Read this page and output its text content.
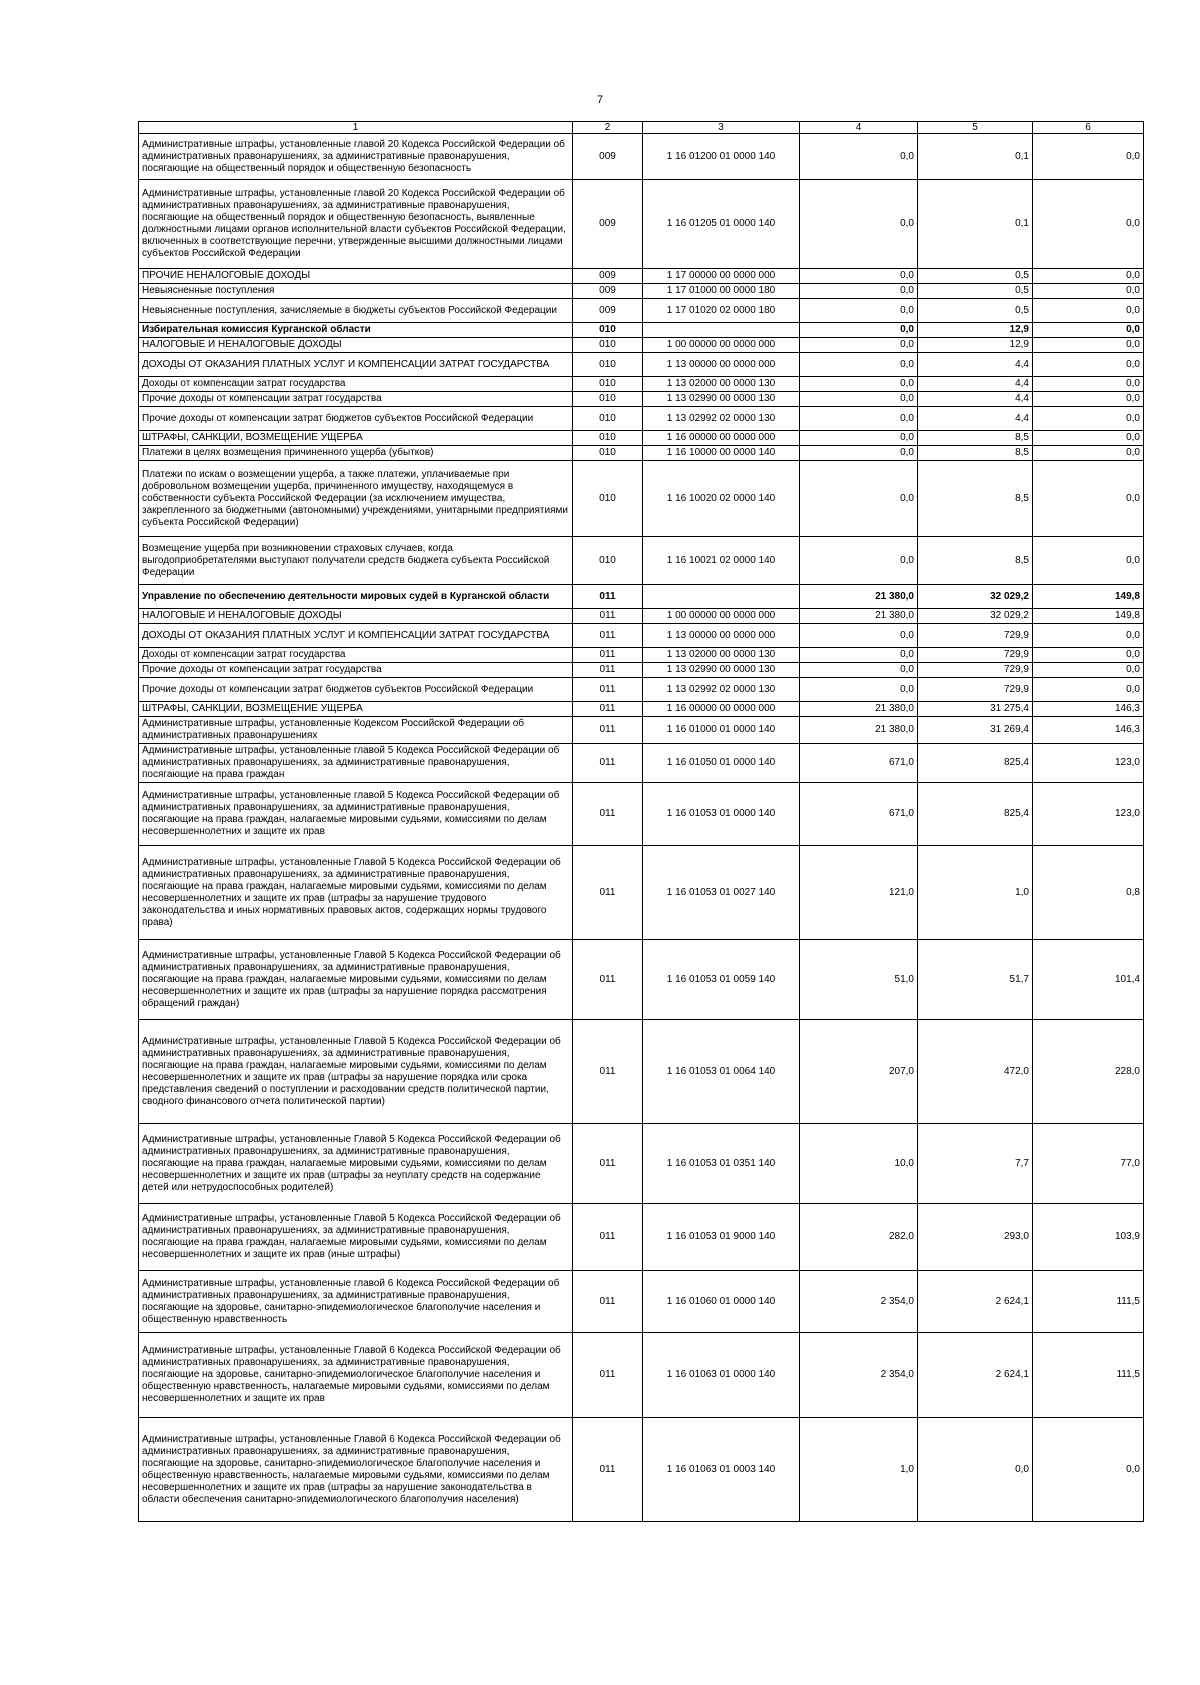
7
1	2	3	4	5	6
Административные штрафы, установленные главой 20 Кодекса Российской Федерации об административных правонарушениях, за административные правонарушения, посягающие на общественный порядок и общественную безопасность	009	1 16 01200 01 0000 140	0,0	0,1	0,0
Административные штрафы, установленные главой 20 Кодекса Российской Федерации об административных правонарушениях, за административные правонарушения, посягающие на общественный порядок и общественную безопасность, выявленные должностными лицами органов исполнительной власти субъектов Российской Федерации, включенных в соответствующие перечни, утвержденные высшими должностными лицами субъектов Российской Федерации	009	1 16 01205 01 0000 140	0,0	0,1	0,0
ПРОЧИЕ НЕНАЛОГОВЫЕ ДОХОДЫ	009	1 17 00000 00 0000 000	0,0	0,5	0,0
Невыясненные поступления	009	1 17 01000 00 0000 180	0,0	0,5	0,0
Невыясненные поступления, зачисляемые в бюджеты субъектов Российской Федерации	009	1 17 01020 02 0000 180	0,0	0,5	0,0
Избирательная комиссия Курганской области	010		0,0	12,9	0,0
НАЛОГОВЫЕ И НЕНАЛОГОВЫЕ ДОХОДЫ	010	1 00 00000 00 0000 000	0,0	12,9	0,0
ДОХОДЫ ОТ ОКАЗАНИЯ ПЛАТНЫХ УСЛУГ И КОМПЕНСАЦИИ ЗАТРАТ ГОСУДАРСТВА	010	1 13 00000 00 0000 000	0,0	4,4	0,0
Доходы от компенсации затрат государства	010	1 13 02000 00 0000 130	0,0	4,4	0,0
Прочие доходы от компенсации затрат государства	010	1 13 02990 00 0000 130	0,0	4,4	0,0
Прочие доходы от компенсации затрат бюджетов субъектов Российской Федерации	010	1 13 02992 02 0000 130	0,0	4,4	0,0
ШТРАФЫ, САНКЦИИ, ВОЗМЕЩЕНИЕ УЩЕРБА	010	1 16 00000 00 0000 000	0,0	8,5	0,0
Платежи в целях возмещения причиненного ущерба (убытков)	010	1 16 10000 00 0000 140	0,0	8,5	0,0
Платежи по искам о возмещении ущерба, а также платежи, уплачиваемые при добровольном возмещении ущерба, причиненного имуществу, находящемуся в собственности субъекта Российской Федерации (за исключением имущества, закрепленного за бюджетными (автономными) учреждениями, унитарными предприятиями субъекта Российской Федерации)	010	1 16 10020 02 0000 140	0,0	8,5	0,0
Возмещение ущерба при возникновении страховых случаев, когда выгодоприобретателями выступают получатели средств бюджета субъекта Российской Федерации	010	1 16 10021 02 0000 140	0,0	8,5	0,0
Управление по обеспечению деятельности мировых судей в Курганской области	011		21 380,0	32 029,2	149,8
НАЛОГОВЫЕ И НЕНАЛОГОВЫЕ ДОХОДЫ	011	1 00 00000 00 0000 000	21 380,0	32 029,2	149,8
ДОХОДЫ ОТ ОКАЗАНИЯ ПЛАТНЫХ УСЛУГ И КОМПЕНСАЦИИ ЗАТРАТ ГОСУДАРСТВА	011	1 13 00000 00 0000 000	0,0	729,9	0,0
Доходы от компенсации затрат государства	011	1 13 02000 00 0000 130	0,0	729,9	0,0
Прочие доходы от компенсации затрат государства	011	1 13 02990 00 0000 130	0,0	729,9	0,0
Прочие доходы от компенсации затрат бюджетов субъектов Российской Федерации	011	1 13 02992 02 0000 130	0,0	729,9	0,0
ШТРАФЫ, САНКЦИИ, ВОЗМЕЩЕНИЕ УЩЕРБА	011	1 16 00000 00 0000 000	21 380,0	31 275,4	146,3
Административные штрафы, установленные Кодексом Российской Федерации об административных правонарушениях	011	1 16 01000 01 0000 140	21 380,0	31 269,4	146,3
Административные штрафы, установленные главой 5 Кодекса Российской Федерации об административных правонарушениях, за административные правонарушения, посягающие на права граждан	011	1 16 01050 01 0000 140	671,0	825,4	123,0
Административные штрафы, установленные главой 5 Кодекса Российской Федерации об административных правонарушениях, за административные правонарушения, посягающие на права граждан, налагаемые мировыми судьями, комиссиями по делам несовершеннолетних и защите их прав	011	1 16 01053 01 0000 140	671,0	825,4	123,0
Административные штрафы, установленные Главой 5 Кодекса Российской Федерации об административных правонарушениях, за административные правонарушения, посягающие на права граждан, налагаемые мировыми судьями, комиссиями по делам несовершеннолетних и защите их прав (штрафы за нарушение трудового законодательства и иных нормативных правовых актов, содержащих нормы трудового права)	011	1 16 01053 01 0027 140	121,0	1,0	0,8
Административные штрафы, установленные Главой 5 Кодекса Российской Федерации об административных правонарушениях, за административные правонарушения, посягающие на права граждан, налагаемые мировыми судьями, комиссиями по делам несовершеннолетних и защите их прав (штрафы за нарушение порядка рассмотрения обращений граждан)	011	1 16 01053 01 0059 140	51,0	51,7	101,4
Административные штрафы, установленные Главой 5 Кодекса Российской Федерации об административных правонарушениях, за административные правонарушения, посягающие на права граждан, налагаемые мировыми судьями, комиссиями по делам несовершеннолетних и защите их прав (штрафы за нарушение порядка или срока представления сведений о поступлении и расходовании средств политической партии, сводного финансового отчета политической партии)	011	1 16 01053 01 0064 140	207,0	472,0	228,0
Административные штрафы, установленные Главой 5 Кодекса Российской Федерации об административных правонарушениях, за административные правонарушения, посягающие на права граждан, налагаемые мировыми судьями, комиссиями по делам несовершеннолетних и защите их прав (штрафы за неуплату средств на содержание детей или нетрудоспособных родителей)	011	1 16 01053 01 0351 140	10,0	7,7	77,0
Административные штрафы, установленные Главой 5 Кодекса Российской Федерации об административных правонарушениях, за административные правонарушения, посягающие на права граждан, налагаемые мировыми судьями, комиссиями по делам несовершеннолетних и защите их прав (иные штрафы)	011	1 16 01053 01 9000 140	282,0	293,0	103,9
Административные штрафы, установленные главой 6 Кодекса Российской Федерации об административных правонарушениях, за административные правонарушения, посягающие на здоровье, санитарно-эпидемиологическое благополучие населения и общественную нравственность	011	1 16 01060 01 0000 140	2 354,0	2 624,1	111,5
Административные штрафы, установленные Главой 6 Кодекса Российской Федерации об административных правонарушениях, за административные правонарушения, посягающие на здоровье, санитарно-эпидемиологическое благополучие населения и общественную нравственность, налагаемые мировыми судьями, комиссиями по делам несовершеннолетних и защите их прав	011	1 16 01063 01 0000 140	2 354,0	2 624,1	111,5
Административные штрафы, установленные Главой 6 Кодекса Российской Федерации об административных правонарушениях, за административные правонарушения, посягающие на здоровье, санитарно-эпидемиологическое благополучие населения и общественную нравственность, налагаемые мировыми судьями, комиссиями по делам несовершеннолетних и защите их прав (штрафы за нарушение законодательства в области обеспечения санитарно-эпидемиологического благополучия населения)	011	1 16 01063 01 0003 140	1,0	0,0	0,0
